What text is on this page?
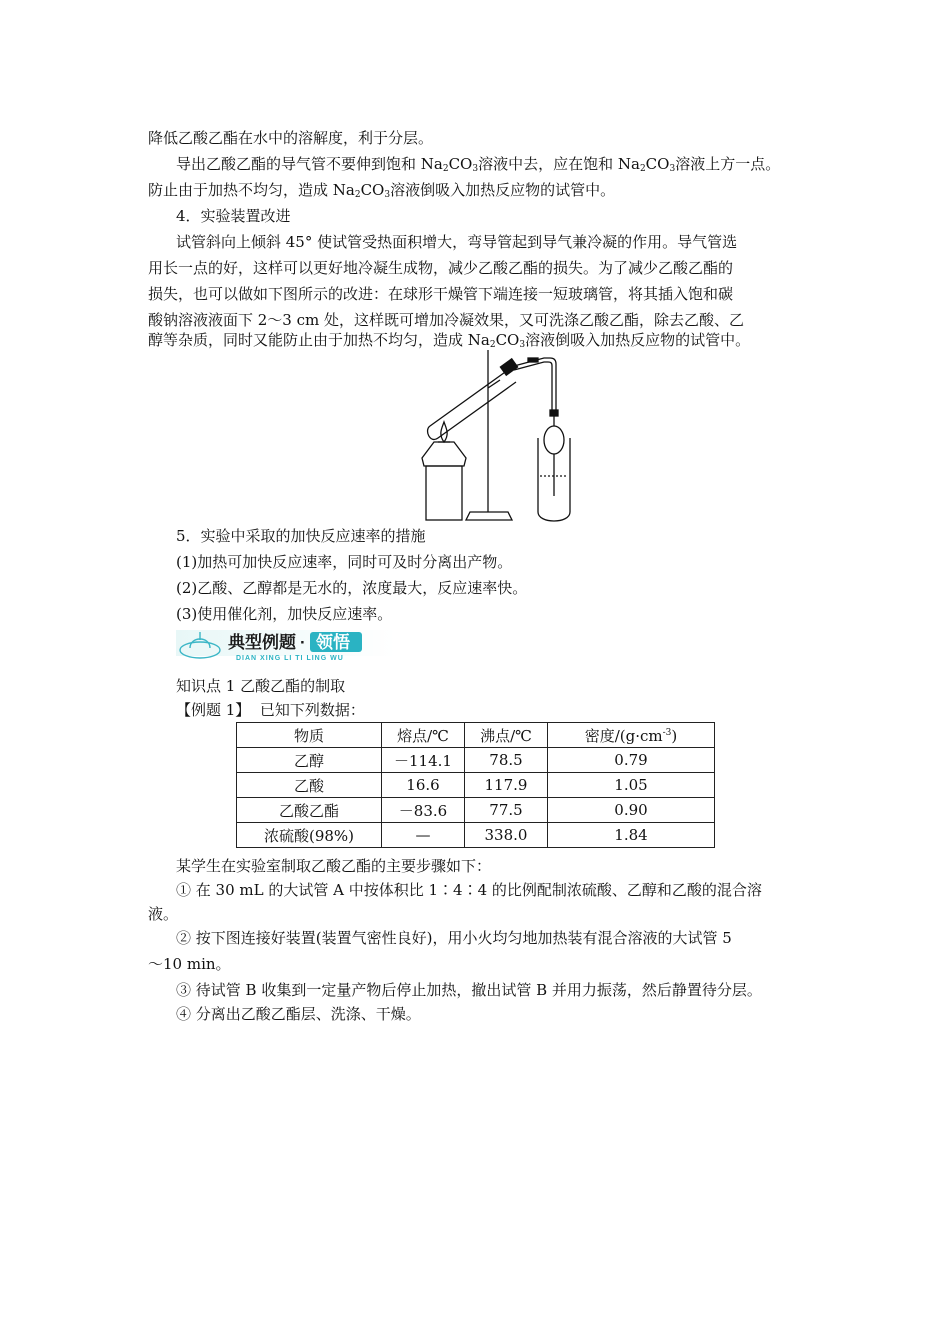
降低乙酸乙酯在水中的溶解度，利于分层。
导出乙酸乙酯的导气管不要伸到饱和 $Na_2CO_3$溶液中去，应在饱和 $Na_2CO_3$溶液上方一点。
防止由于加热不均匀，造成 $Na_2CO_3$溶液倒吸入加热反应物的试管中。
4．实验装置改进
试管斜向上倾斜 45° 使试管受热面积增大，弯导管起到导气兼冷凝的作用。导气管选
用长一点的好，这样可以更好地冷凝生成物，减少乙酸乙酯的损失。为了减少乙酸乙酯的
损失，也可以做如下图所示的改进：在球形干燥管下端连接一短玻璃管，将其插入饱和碳
酸钠溶液液面下 2～3 cm 处，这样既可增加冷凝效果，又可洗涤乙酸乙酯，除去乙酸、乙
醇等杂质，同时又能防止由于加热不均匀，造成 $Na_2CO_3$溶液倒吸入加热反应物的试管中。
5．实验中采取的加快反应速率的措施
(1)加热可加快反应速率，同时可及时分离出产物。
(2)乙酸、乙醇都是无水的，浓度最大，反应速率快。
(3)使用催化剂，加快反应速率。
典型例题 · 领悟
DIAN XING LI TI LING WU
知识点 1 乙酸乙酯的制取
【例题 1】 已知下列数据：
物质	熔点/℃	沸点/℃	密度$/(g\cdot cm^{-3})$
乙醇	－114.1	78.5	0.79
乙酸	16.6	117.9	1.05
乙酸乙酯	－83.6	77.5	0.90
浓硫酸(98%)	—	338.0	1.84
某学生在实验室制取乙酸乙酯的主要步骤如下：
① 在 30 mL 的大试管 A 中按体积比 1∶4∶4 的比例配制浓硫酸、乙醇和乙酸的混合溶
液。
② 按下图连接好装置(装置气密性良好)，用小火均匀地加热装有混合溶液的大试管 5
～10 min。
③ 待试管 B 收集到一定量产物后停止加热，撤出试管 B 并用力振荡，然后静置待分层。
④ 分离出乙酸乙酯层、洗涤、干燥。
